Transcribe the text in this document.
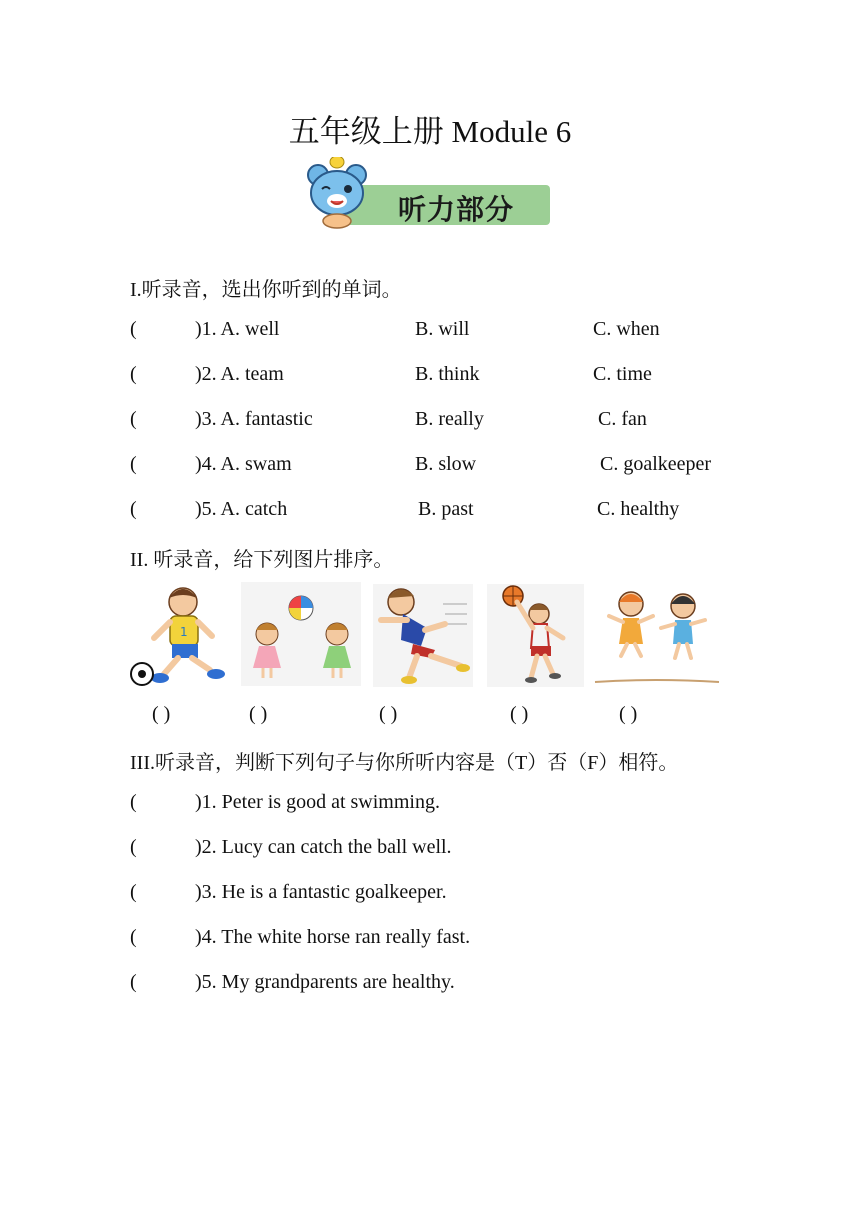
五年级上册 Module 6
听力部分
I.听录音，选出你听到的单词。
(	)1. A. well	B. will	C. when
(	)2. A. team	B. think	C. time
(	)3. A. fantastic	B. really	C. fan
(	)4. A. swam	B. slow	C. goalkeeper
(	)5. A. catch	B. past	C. healthy
II. 听录音，给下列图片排序。
1
( )	( )	( )	( )	( )
III.听录音，判断下列句子与你所听内容是（T）否（F）相符。
(	)1. Peter is good at swimming.
(	)2. Lucy can catch the ball well.
(	)3. He is a fantastic goalkeeper.
(	)4. The white horse ran really fast.
(	)5. My grandparents are healthy.
